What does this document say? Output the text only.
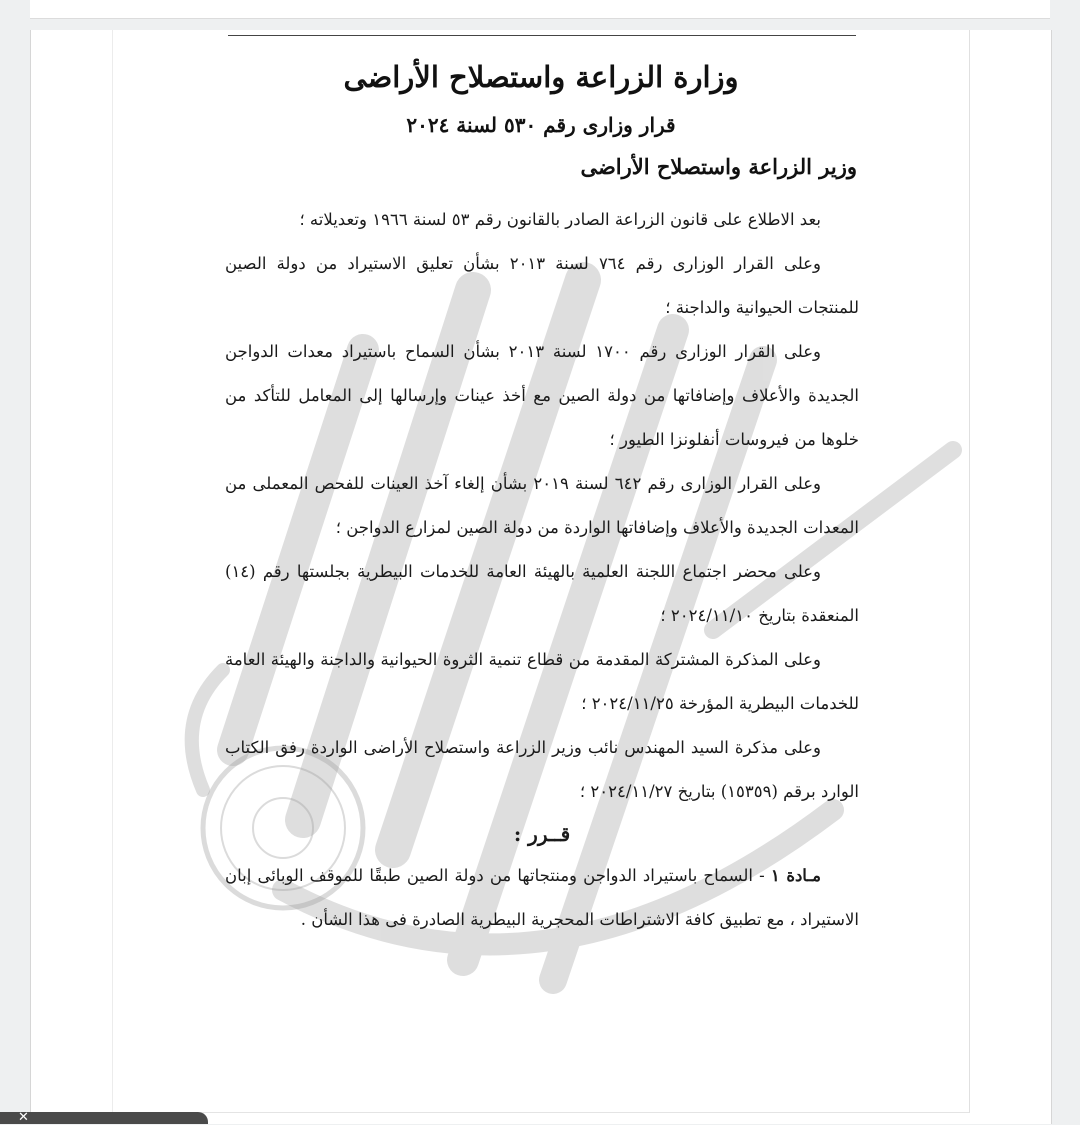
وزارة الزراعة واستصلاح الأراضى
قرار وزارى رقم ٥٣٠ لسنة ٢٠٢٤
وزير الزراعة واستصلاح الأراضى

بعد الاطلاع على قانون الزراعة الصادر بالقانون رقم ٥٣ لسنة ١٩٦٦ وتعديلاته ؛

وعلى القرار الوزارى رقم ٧٦٤ لسنة ٢٠١٣ بشأن تعليق الاستيراد من دولة الصين للمنتجات الحيوانية والداجنة ؛

وعلى القرار الوزارى رقم ١٧٠٠ لسنة ٢٠١٣ بشأن السماح باستيراد معدات الدواجن الجديدة والأعلاف وإضافاتها من دولة الصين مع أخذ عينات وإرسالها إلى المعامل للتأكد من خلوها من فيروسات أنفلونزا الطيور ؛

وعلى القرار الوزارى رقم ٦٤٢ لسنة ٢٠١٩ بشأن إلغاء آخذ العينات للفحص المعملى من المعدات الجديدة والأعلاف وإضافاتها الواردة من دولة الصين لمزارع الدواجن ؛

وعلى محضر اجتماع اللجنة العلمية بالهيئة العامة للخدمات البيطرية بجلستها رقم (١٤) المنعقدة بتاريخ ٢٠٢٤/١١/١٠ ؛

وعلى المذكرة المشتركة المقدمة من قطاع تنمية الثروة الحيوانية والداجنة والهيئة العامة للخدمات البيطرية المؤرخة ٢٠٢٤/١١/٢٥ ؛

وعلى مذكرة السيد المهندس نائب وزير الزراعة واستصلاح الأراضى الواردة رفق الكتاب الوارد برقم (١٥٣٥٩) بتاريخ ٢٠٢٤/١١/٢٧ ؛

قــرر :

مـادة ١ - السماح باستيراد الدواجن ومنتجاتها من دولة الصين طبقًا للموقف الوبائى إبان الاستيراد ، مع تطبيق كافة الاشتراطات المحجرية البيطرية الصادرة فى هذا الشأن .

✕
